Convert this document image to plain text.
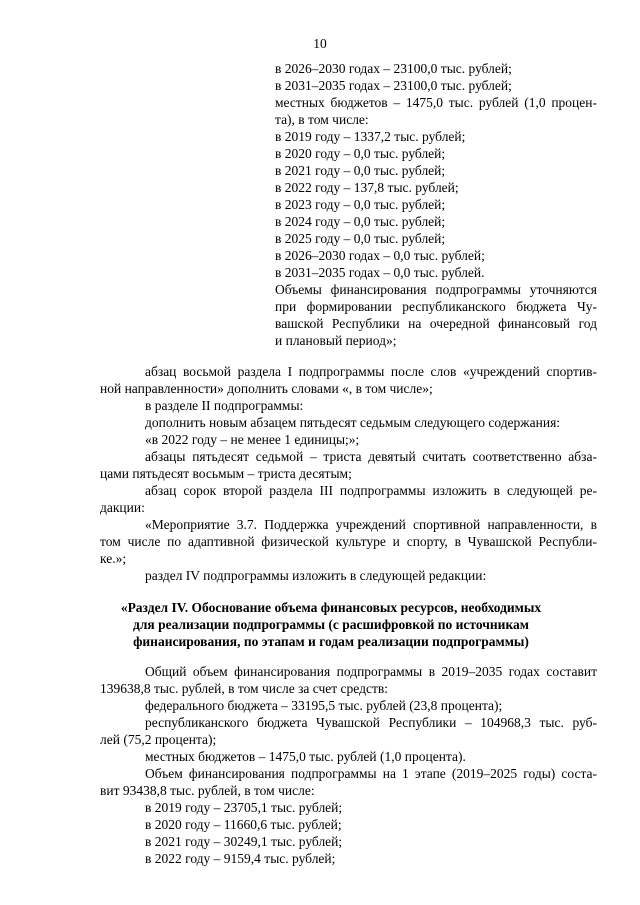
10
в 2026–2030 годах – 23100,0 тыс. рублей;
в 2031–2035 годах – 23100,0 тыс. рублей;
местных бюджетов – 1475,0 тыс. рублей (1,0 процен-
та), в том числе:
в 2019 году – 1337,2 тыс. рублей;
в 2020 году – 0,0 тыс. рублей;
в 2021 году – 0,0 тыс. рублей;
в 2022 году – 137,8 тыс. рублей;
в 2023 году – 0,0 тыс. рублей;
в 2024 году – 0,0 тыс. рублей;
в 2025 году – 0,0 тыс. рублей;
в 2026–2030 годах – 0,0 тыс. рублей;
в 2031–2035 годах – 0,0 тыс. рублей.
Объемы финансирования подпрограммы уточняются
при формировании республиканского бюджета Чу-
вашской Республики на очередной финансовый год
и плановый период»;
абзац восьмой раздела I подпрограммы после слов «учреждений спортив-
ной направленности» дополнить словами «, в том числе»;
в разделе II подпрограммы:
дополнить новым абзацем пятьдесят седьмым следующего содержания:
«в 2022 году – не менее 1 единицы;»;
абзацы пятьдесят седьмой – триста девятый считать соответственно абза-
цами пятьдесят восьмым – триста десятым;
абзац сорок второй раздела III подпрограммы изложить в следующей ре-
дакции:
«Мероприятие 3.7. Поддержка учреждений спортивной направленности, в
том числе по адаптивной физической культуре и спорту, в Чувашской Республи-
ке.»;
раздел IV подпрограммы изложить в следующей редакции:
«Раздел IV. Обоснование объема финансовых ресурсов, необходимых
для реализации подпрограммы (с расшифровкой по источникам
финансирования, по этапам и годам реализации подпрограммы)
Общий объем финансирования подпрограммы в 2019–2035 годах составит
139638,8 тыс. рублей, в том числе за счет средств:
федерального бюджета – 33195,5 тыс. рублей (23,8 процента);
республиканского бюджета Чувашской Республики – 104968,3 тыс. руб-
лей (75,2 процента);
местных бюджетов – 1475,0 тыс. рублей (1,0 процента).
Объем финансирования подпрограммы на 1 этапе (2019–2025 годы) соста-
вит 93438,8 тыс. рублей, в том числе:
в 2019 году – 23705,1 тыс. рублей;
в 2020 году – 11660,6 тыс. рублей;
в 2021 году – 30249,1 тыс. рублей;
в 2022 году – 9159,4 тыс. рублей;
